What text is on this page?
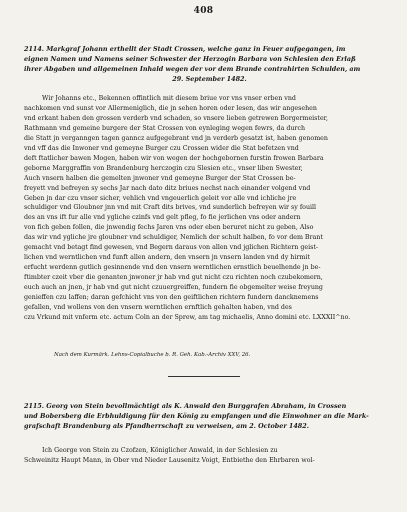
408
2114. Markgraf Johann erthellt der Stadt Crossen, welche ganz in Feuer aufgegangen, im
eignen Namen und Namens seiner Schwester der Herzogin Barbara von Schlesien den Erlaß
ihrer Abgaben und allgemeinen Inhald wegen der vor dem Brande contrahirten Schulden, am
29. September 1482.
Wir Johanns etc., Bekennen offintlich mit diesem briue vor vns vnser erben vnd
nachkomen vnd sunst vor Allermeniglich, die jn sehen horen oder lesen, das wir angesehen
vnd erkant haben den grossen verderb vnd schaden, so vnsere lieben getrewen Borgermeister,
Rathmann vnd gemeine burgere der Stat Crossen von eynleging wegen fewrs, da durch
die Statt jn verganngen tagen ganncz aufgegebrant vnd jn verderb gesatzt ist, haben genomen
vnd vff das die Inwoner vnd gemeyne Burger czu Crossen wider die Stat befetzen vnd
deft ftatlicher bawen Mogen, haben wir von wegen der hochgebornen furstin frowen Barbara
geborne Marggraffin von Brandenburg herczogin czu Slesien etc., vnser liben Swester,
Auch vnsern halben die gemelten jnwoner vnd gemeyne Burger der Stat Crossen be-
freyett vnd befreyen sy sechs Jar nach dato ditz briues nechst nach einander volgend vnd
Geben jn dar czu vnser sicher, vehlich vnd vngeuerlich geleit vor alle vnd ichliche jre
schuldiger vnd Gloubner jnn vnd mit Craft dits brives, vnd sunderlich befreyen wir sy fouill
des an vns ift fur alle vnd ygliche czinfs vnd gelt pfleg, fo fie jerlichen vns oder andern
von fich geben follen, die jnwendig fechs Jaren vns oder eben beruret nicht zu geben, Also
das wir vnd ygliche jre gloubner vnd schuldiger, Nemlich der schult halben, fo vor dem Brant
gemacht vnd betagt find gewesen, vnd Begern daraus von allen vnd jglichen Richtern geist-
lichen vnd werntlichen vnd funft allen andern, den vnsern jn vnsern landen vnd dy hirmit
erfucht werdenn gutlich gesinnende vnd den vnsern werntlichen ernstlich beuelhende jn be-
ftimbter czeit vber die genanten jnwoner jr hab vnd gut nicht czu richten noch czubekomern,
euch auch an jnen, jr hab vnd gut nicht czuuergreiffen, fundern fie obgemelter weise freyung
genieffen czu laffen; daran gefchicht vns von den geiftlichen richtern fundern dancknemens
gefallen, vnd wollens von den vnsern werntlichen ernftlich gehalten haben, vnd des
czu Vrkund mit vnferm etc. actum Coln an der Sprew, am tag michaelis, Anno domini etc. LXXXII^no.
Nach dem Kurmärk. Lehns-Copialbuche b. R. Geh. Kab.-Archiv XXV, 26.
2115. Georg von Stein bevollmächtigt als K. Anwald den Burggrafen Abraham, in Crossen
und Bobersberg die Erbhuldigung für den König zu empfangen und die Einwohner an die Mark-
grafschaft Brandenburg als Pfandherrschaft zu verweisen, am 2. October 1482.
Ich George von Stein zu Czofzen, Königlicher Anwald, in der Schlesien zu
Schweinitz Haupt Mann, in Ober vnd Nieder Lausenitz Voigt, Entbiethe den Ehrbaren wol-
